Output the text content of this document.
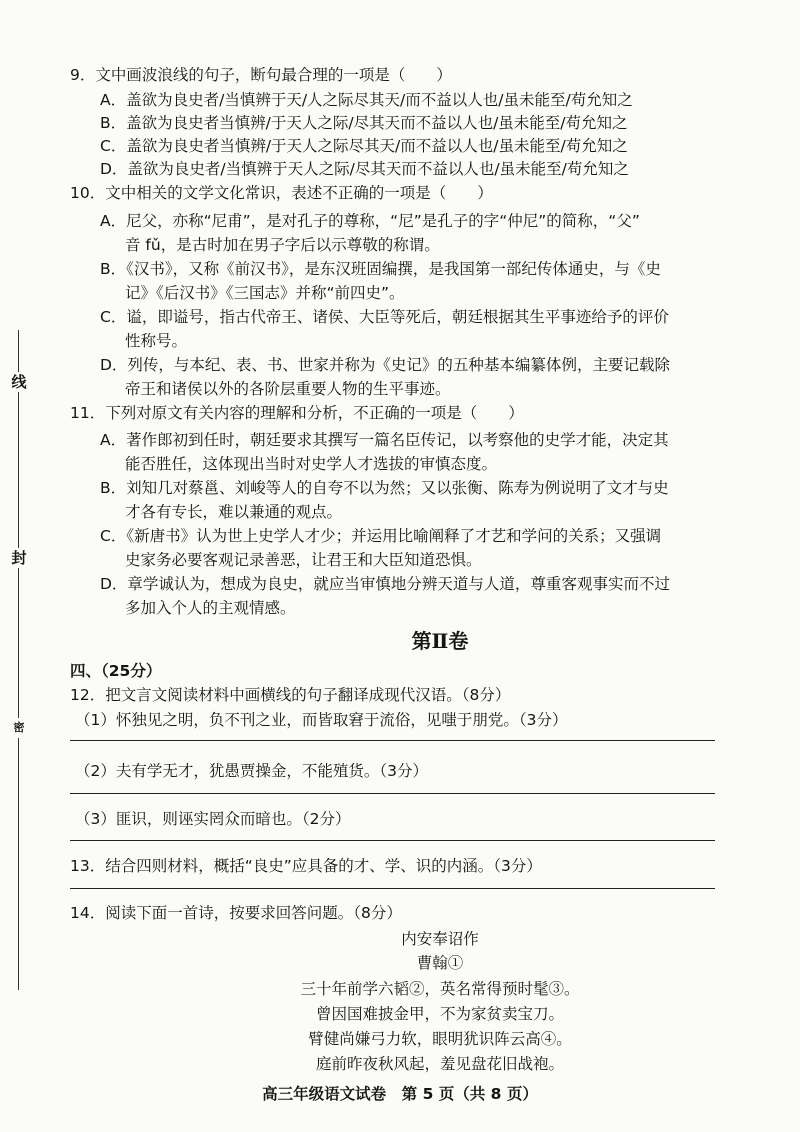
线
封
密
9．文中画波浪线的句子，断句最合理的一项是（　　）
A．盖欲为良史者/当慎辨于天/人之际尽其天/而不益以人也/虽未能至/苟允知之
B．盖欲为良史者当慎辨/于天人之际/尽其天而不益以人也/虽未能至/苟允知之
C．盖欲为良史者当慎辨/于天人之际尽其天/而不益以人也/虽未能至/苟允知之
D．盖欲为良史者/当慎辨于天人之际/尽其天而不益以人也/虽未能至/苟允知之
10．文中相关的文学文化常识，表述不正确的一项是（　　）
A．尼父，亦称“尼甫”，是对孔子的尊称，“尼”是孔子的字“仲尼”的简称，“父”
音 fǔ，是古时加在男子字后以示尊敬的称谓。
B．《汉书》，又称《前汉书》，是东汉班固编撰，是我国第一部纪传体通史，与《史
记》《后汉书》《三国志》并称“前四史”。
C．谥，即谥号，指古代帝王、诸侯、大臣等死后，朝廷根据其生平事迹给予的评价
性称号。
D．列传，与本纪、表、书、世家并称为《史记》的五种基本编纂体例，主要记载除
帝王和诸侯以外的各阶层重要人物的生平事迹。
11．下列对原文有关内容的理解和分析，不正确的一项是（　　）
A．著作郎初到任时，朝廷要求其撰写一篇名臣传记，以考察他的史学才能，决定其
能否胜任，这体现出当时对史学人才选拔的审慎态度。
B．刘知几对蔡邕、刘峻等人的自夸不以为然；又以张衡、陈寿为例说明了文才与史
才各有专长，难以兼通的观点。
C．《新唐书》认为世上史学人才少；并运用比喻阐释了才艺和学问的关系；又强调
史家务必要客观记录善恶，让君王和大臣知道恐惧。
D．章学诚认为，想成为良史，就应当审慎地分辨天道与人道，尊重客观事实而不过
多加入个人的主观情感。
第Ⅱ卷
四、（25分）
12．把文言文阅读材料中画横线的句子翻译成现代汉语。（8分）
（1）怀独见之明，负不刊之业，而皆取窘于流俗，见嗤于朋党。（3分）
（2）夫有学无才，犹愚贾操金，不能殖货。（3分）
（3）匪识，则诬实罔众而暗也。（2分）
13．结合四则材料，概括“良史”应具备的才、学、识的内涵。（3分）
14．阅读下面一首诗，按要求回答问题。（8分）
内安奉诏作
曹翰①
三十年前学六韬②，英名常得预时髦③。
曾因国难披金甲，不为家贫卖宝刀。
臂健尚嫌弓力软，眼明犹识阵云高④。
庭前昨夜秋风起，羞见盘花旧战袍。
高三年级语文试卷　第 5 页（共 8 页）
